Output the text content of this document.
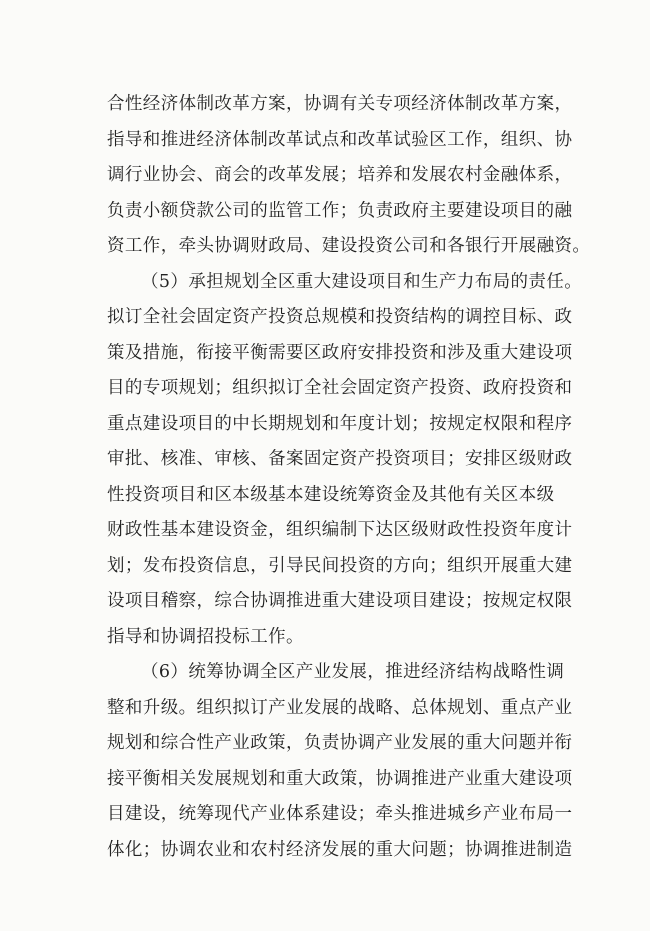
合性经济体制改革方案，协调有关专项经济体制改革方案，
指导和推进经济体制改革试点和改革试验区工作，组织、协
调行业协会、商会的改革发展；培养和发展农村金融体系，
负责小额贷款公司的监管工作；负责政府主要建设项目的融
资工作，牵头协调财政局、建设投资公司和各银行开展融资。
（5）承担规划全区重大建设项目和生产力布局的责任。
拟订全社会固定资产投资总规模和投资结构的调控目标、政
策及措施，衔接平衡需要区政府安排投资和涉及重大建设项
目的专项规划；组织拟订全社会固定资产投资、政府投资和
重点建设项目的中长期规划和年度计划；按规定权限和程序
审批、核准、审核、备案固定资产投资项目；安排区级财政
性投资项目和区本级基本建设统筹资金及其他有关区本级
财政性基本建设资金，组织编制下达区级财政性投资年度计
划；发布投资信息，引导民间投资的方向；组织开展重大建
设项目稽察，综合协调推进重大建设项目建设；按规定权限
指导和协调招投标工作。
（6）统筹协调全区产业发展，推进经济结构战略性调
整和升级。组织拟订产业发展的战略、总体规划、重点产业
规划和综合性产业政策，负责协调产业发展的重大问题并衔
接平衡相关发展规划和重大政策，协调推进产业重大建设项
目建设，统筹现代产业体系建设；牵头推进城乡产业布局一
体化；协调农业和农村经济发展的重大问题；协调推进制造
